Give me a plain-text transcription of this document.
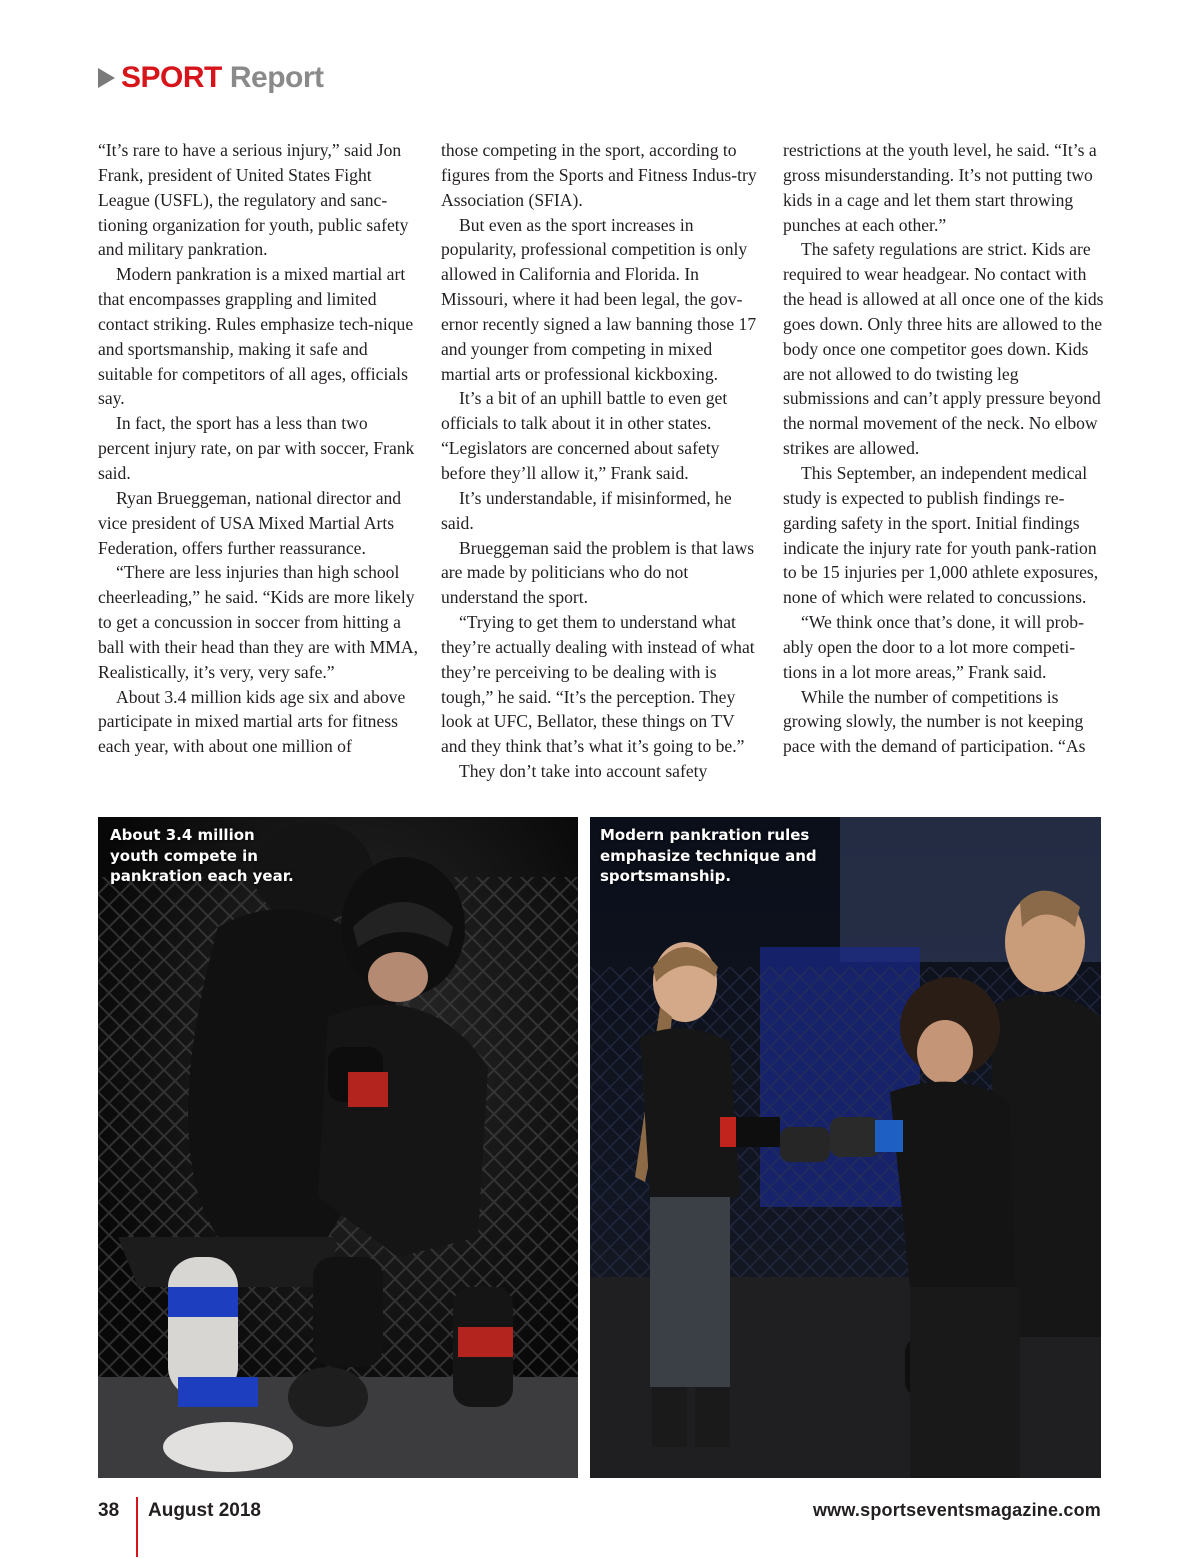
SPORT Report

“It’s rare to have a serious injury,” said Jon Frank, president of United States Fight League (USFL), the regulatory and sanc-tioning organization for youth, public safety and military pankration.

Modern pankration is a mixed martial art that encompasses grappling and limited contact striking. Rules emphasize tech-nique and sportsmanship, making it safe and suitable for competitors of all ages, officials say.

In fact, the sport has a less than two percent injury rate, on par with soccer, Frank said.

Ryan Brueggeman, national director and vice president of USA Mixed Martial Arts Federation, offers further reassurance.

“There are less injuries than high school cheerleading,” he said. “Kids are more likely to get a concussion in soccer from hitting a ball with their head than they are with MMA, Realistically, it’s very, very safe.”

About 3.4 million kids age six and above participate in mixed martial arts for fitness each year, with about one million of

those competing in the sport, according to figures from the Sports and Fitness Indus-try Association (SFIA).

But even as the sport increases in popularity, professional competition is only allowed in California and Florida. In Missouri, where it had been legal, the gov-ernor recently signed a law banning those 17 and younger from competing in mixed martial arts or professional kickboxing.

It’s a bit of an uphill battle to even get officials to talk about it in other states. “Legislators are concerned about safety before they’ll allow it,” Frank said.

It’s understandable, if misinformed, he said.

Brueggeman said the problem is that laws are made by politicians who do not understand the sport.

“Trying to get them to understand what they’re actually dealing with instead of what they’re perceiving to be dealing with is tough,” he said. “It’s the perception. They look at UFC, Bellator, these things on TV and they think that’s what it’s going to be.”

They don’t take into account safety

restrictions at the youth level, he said. “It’s a gross misunderstanding. It’s not putting two kids in a cage and let them start throwing punches at each other.”

The safety regulations are strict. Kids are required to wear headgear. No contact with the head is allowed at all once one of the kids goes down. Only three hits are allowed to the body once one competitor goes down. Kids are not allowed to do twisting leg submissions and can’t apply pressure beyond the normal movement of the neck. No elbow strikes are allowed.

This September, an independent medical study is expected to publish findings re-garding safety in the sport. Initial findings indicate the injury rate for youth pank-ration to be 15 injuries per 1,000 athlete exposures, none of which were related to concussions.

“We think once that’s done, it will prob-ably open the door to a lot more competi-tions in a lot more areas,” Frank said.

While the number of competitions is growing slowly, the number is not keeping pace with the demand of participation. “As

About 3.4 million youth compete in pankration each year.
Modern pankration rules emphasize technique and sportsmanship.
38 August 2018	www.sportseventsmagazine.com
